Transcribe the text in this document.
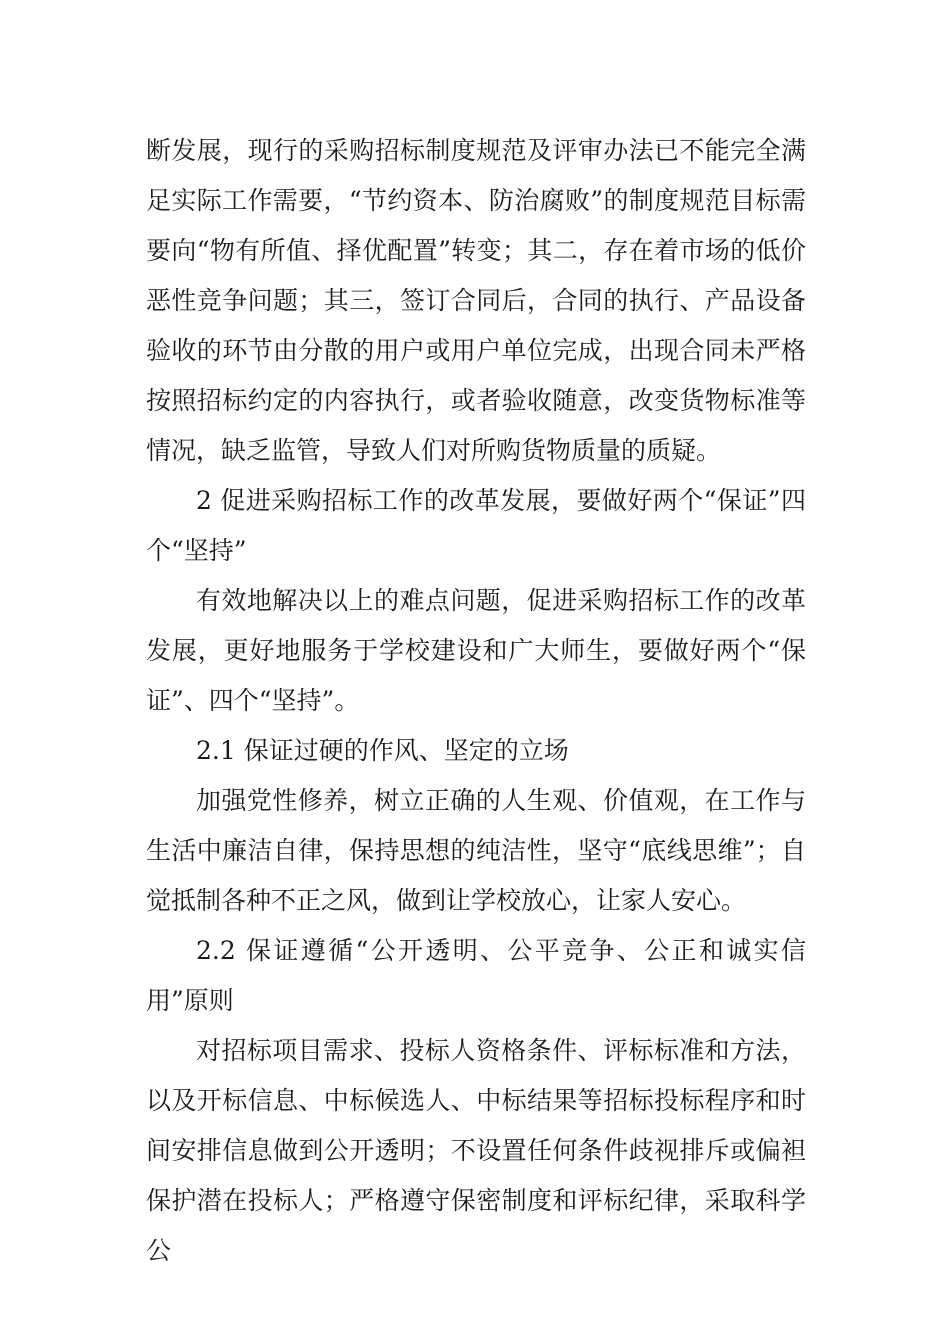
断发展，现行的采购招标制度规范及评审办法已不能完全满足实际工作需要，“节约资本、防治腐败”的制度规范目标需要向“物有所值、择优配置”转变；其二，存在着市场的低价恶性竞争问题；其三，签订合同后，合同的执行、产品设备验收的环节由分散的用户或用户单位完成，出现合同未严格按照招标约定的内容执行，或者验收随意，改变货物标准等情况，缺乏监管，导致人们对所购货物质量的质疑。

2 促进采购招标工作的改革发展，要做好两个“保证”四个“坚持”

有效地解决以上的难点问题，促进采购招标工作的改革发展，更好地服务于学校建设和广大师生，要做好两个“保证”、四个“坚持”。

2.1 保证过硬的作风、坚定的立场

加强党性修养，树立正确的人生观、价值观，在工作与生活中廉洁自律，保持思想的纯洁性，坚守“底线思维”；自觉抵制各种不正之风，做到让学校放心，让家人安心。

2.2 保证遵循“公开透明、公平竞争、公正和诚实信用”原则

对招标项目需求、投标人资格条件、评标标准和方法，以及开标信息、中标候选人、中标结果等招标投标程序和时间安排信息做到公开透明；不设置任何条件歧视排斥或偏袒保护潜在投标人；严格遵守保密制度和评标纪律，采取科学公
